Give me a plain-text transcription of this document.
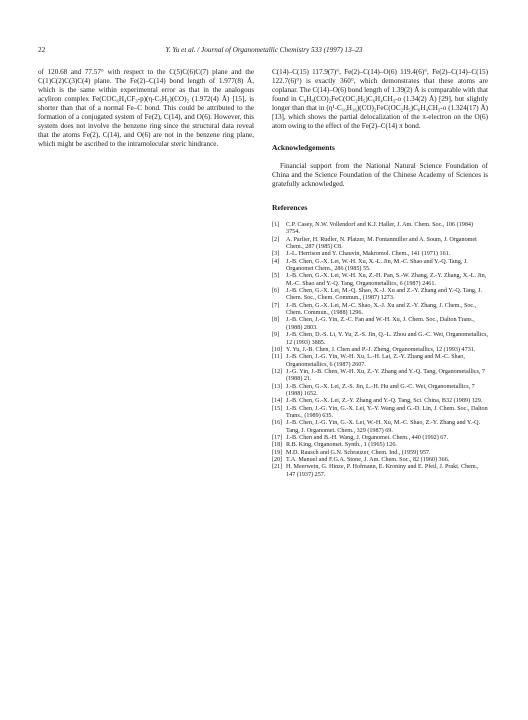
22	Y. Yu et al. / Journal of Organometallic Chemistry 533 (1997) 13–23

of 120.68 and 77.57° with respect to the C(5)C(6)C(7) plane and the C(1)C(2)C(3)C(4) plane. The Fe(2)–C(14) bond length of 1.977(8) Å, which is the same within experimental error as that in the analogous acyliron complex Fe(COC₆H₄CF₃-p)(η-C₅H₅)(CO)₂ (1.972(4) Å) [15], is shorter than that of a normal Fe–C bond. This could be attributed to the formation of a conjugated system of Fe(2), C(14), and O(6). However, this system does not involve the benzene ring since the structural data reveal that the atoms Fe(2), C(14), and O(6) are not in the benzene ring plane, which might be ascribed to the intramolecular steric hindrance.

C(14)–C(15) 117.9(7)°, Fe(2)–C(14)–O(6) 119.4(6)°, Fe(2)–C(14)–C(15) 122.7(6)°) is exactly 360°, which demonstrates that these atoms are coplanar. The C(14)–O(6) bond length of 1.39(2) Å is comparable with that found in C₈H₈(CO)₂FeC(OC₂H₅)C₆H₄CH₃-o (1.34(2) Å) [29], but slightly longer than that in (η¹-C₁₀H₁₆)(CO)₂FeC(OC₂H₅)C₆H₄CH₃-o (1.324(17) Å) [13], which shows the partial delocalization of the π-electron on the O(6) atom owing to the effect of the Fe(2)–C(14) π bond.

Acknowledgements

Financial support from the National Natural Science Foundation of China and the Science Foundation of the Chinese Academy of Sciences is gratefully acknowledged.

References
[1] C.P. Casey, N.W. Vollendorf and K.J. Haller, J. Am. Chem. Soc., 106 (1984) 3754.
[2] A. Parlier, H. Rudler, N. Platzer, M. Fontanmiller and A. Soum, J. Organomet Chem., 287 (1985) C8.
[3] J.-L. Herrison and Y. Chauvin, Makromol. Chem., 141 (1971) 161.
[4] J.-B. Chen, G.-X. Lei, W.-H. Xu, X.-L. Jin, M.-C. Shao and Y.-Q. Tang, J. Organomet Chem., 286 (1985) 55.
[5] J.-B. Chen, G.-X. Lei, W.-H. Xu, Z.-H. Pan, S.-W. Zhang, Z.-Y. Zhang, X.-L. Jin, M.-C. Shao and Y.-Q. Tang, Organometallics, 6 (1987) 2461.
[6] J.-B. Chen, G.-X. Lei, M.-Q. Shao, X.-J. Xu and Z.-Y. Zhang and Y.-Q. Tang, J. Chem. Soc., Chem. Commun., (1987) 1273.
[7] J.-B. Chen, G.-X. Lei, M.-C. Shao, X.-J. Xu and Z.-Y. Zhang, J. Chem., Soc., Chem. Commun., (1988) 1296.
[8] J.-B. Chen, J.-G. Yin, Z.-C. Fan and W.-H. Xu, J. Chem. Soc., Dalton Trans., (1988) 2803.
[9] J.-B. Chen, D.-S. Li, Y. Yu, Z.-S. Jin, Q.-L. Zhou and G.-C. Wei, Organometallics, 12 (1993) 3885.
[10] Y. Yu, J.-B. Chen, J. Chen and P.-J. Zheng, Organometallics, 12 (1993) 4731.
[11] J.-B. Chen, J.-G. Yin, W.-H. Xu, L.-H. Lai, Z.-Y. Zhang and M.-C. Shao, Organometallics, 6 (1987) 2607.
[12] J.-G. Yin, J.-B. Chen, W.-H. Xu, Z.-Y. Zhang and Y.-Q. Tang, Organometallics, 7 (1988) 21.
[13] J.-B. Chen, G.-X. Lei, Z.-S. Jin, L.-H. Hu and G.-C. Wei, Organometallics, 7 (1988) 1652.
[14] J.-B. Chen, G.-X. Lei, Z.-Y. Zhang and Y.-Q. Tang, Sci. China, B32 (1989) 129.
[15] J.-B. Chen, J.-G. Yin, G.-X. Lei, Y.-Y. Wang and G.-D. Lin, J. Chem. Soc., Dalton Trans., (1989) 635.
[16] J.-B. Chen, J.-G. Yin, G.-X. Lei, W.-H. Xu, M.-C. Shao, Z.-Y. Zhang and Y.-Q. Tang, J. Organomet. Chem., 329 (1987) 69.
[17] J.-B. Chen and B.-H. Wang, J. Organomet. Chem., 440 (1992) 67.
[18] R.B. King, Organomet. Synth., 1 (1965) 126.
[19] M.D. Rausch and G.N. Schrauzer, Chem. Ind., (1959) 957.
[20] T.A. Manuel and F.G.A. Stone, J. Am. Chem. Soc., 82 (1960) 366.
[21] H. Meerwein, G. Hinze, P. Hofmann, E. Kroniny and E. Pfeil, J. Prakt. Chem., 147 (1937) 257.
